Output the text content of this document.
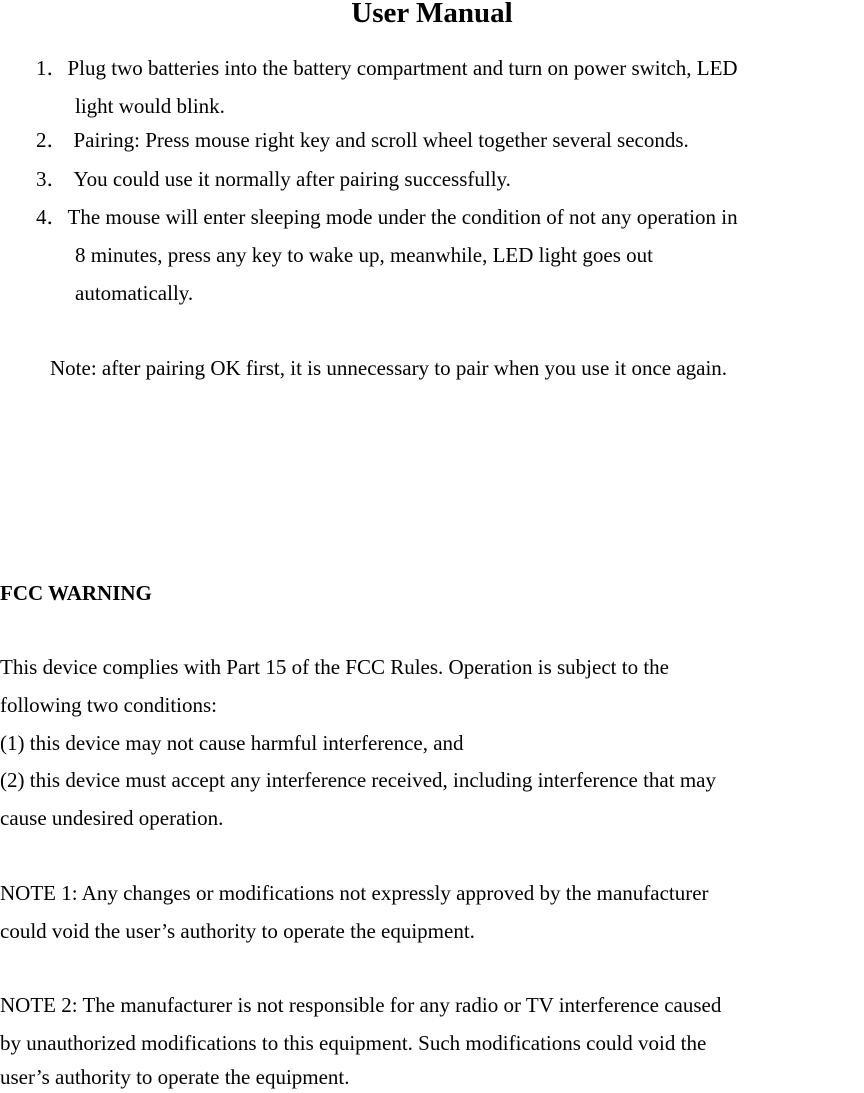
User Manual
1．Plug two batteries into the battery compartment and turn on power switch, LED
light would blink.
2． Pairing: Press mouse right key and scroll wheel together several seconds.
3． You could use it normally after pairing successfully.
4．The mouse will enter sleeping mode under the condition of not any operation in
8 minutes, press any key to wake up, meanwhile, LED light goes out
automatically.
Note: after pairing OK first, it is unnecessary to pair when you use it once again.
FCC WARNING
This device complies with Part 15 of the FCC Rules. Operation is subject to the
following two conditions:
(1) this device may not cause harmful interference, and
(2) this device must accept any interference received, including interference that may
cause undesired operation.
NOTE 1: Any changes or modifications not expressly approved by the manufacturer
could void the user’s authority to operate the equipment.
NOTE 2: The manufacturer is not responsible for any radio or TV interference caused
by unauthorized modifications to this equipment. Such modifications could void the
user’s authority to operate the equipment.
